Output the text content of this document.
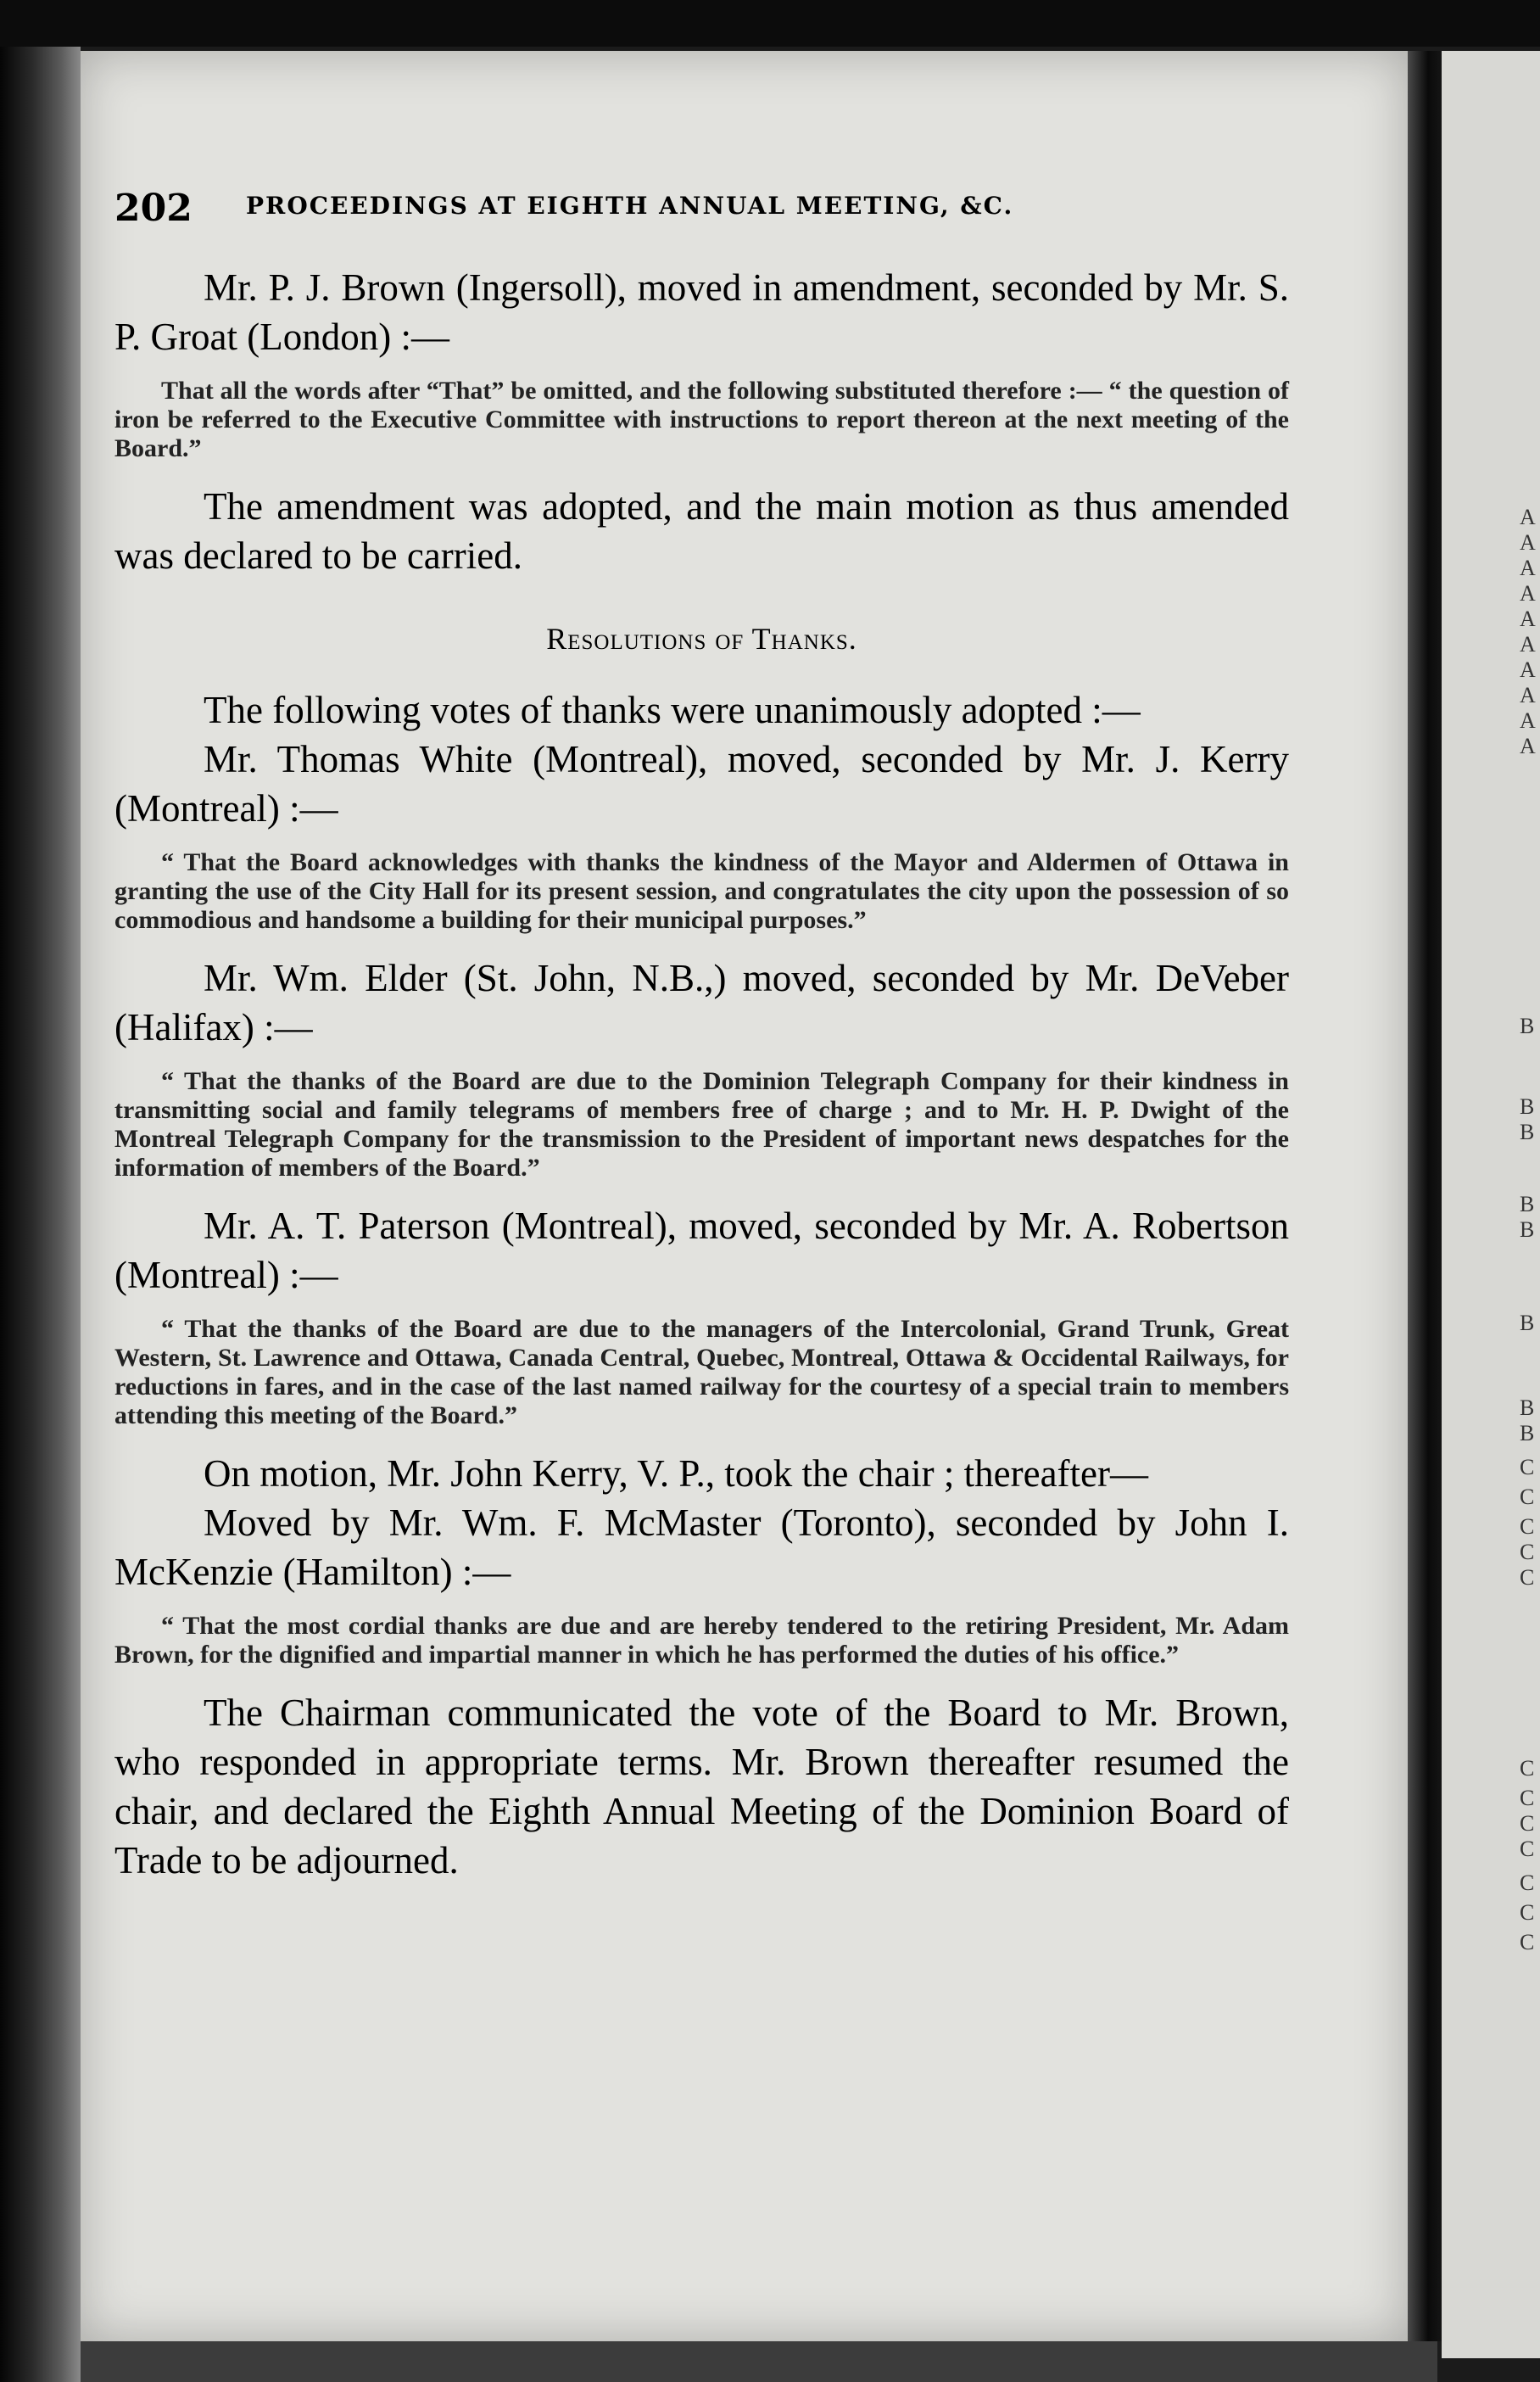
202 PROCEEDINGS AT EIGHTH ANNUAL MEETING, &C.

Mr. P. J. Brown (Ingersoll), moved in amendment, seconded by Mr. S. P. Groat (London) :—

That all the words after “That” be omitted, and the following substituted therefore :— “ the question of iron be referred to the Executive Committee with instructions to report thereon at the next meeting of the Board.”

The amendment was adopted, and the main motion as thus amended was declared to be carried.

Resolutions of Thanks.

The following votes of thanks were unanimously adopted :—

Mr. Thomas White (Montreal), moved, seconded by Mr. J. Kerry (Montreal) :—

“ That the Board acknowledges with thanks the kindness of the Mayor and Aldermen of Ottawa in granting the use of the City Hall for its present session, and congratulates the city upon the possession of so commodious and handsome a building for their municipal purposes.”

Mr. Wm. Elder (St. John, N.B.,) moved, seconded by Mr. DeVeber (Halifax) :—

“ That the thanks of the Board are due to the Dominion Telegraph Company for their kindness in transmitting social and family telegrams of members free of charge ; and to Mr. H. P. Dwight of the Montreal Telegraph Company for the transmission to the President of important news despatches for the information of members of the Board.”

Mr. A. T. Paterson (Montreal), moved, seconded by Mr. A. Robertson (Montreal) :—

“ That the thanks of the Board are due to the managers of the Intercolonial, Grand Trunk, Great Western, St. Lawrence and Ottawa, Canada Central, Quebec, Montreal, Ottawa & Occidental Railways, for reductions in fares, and in the case of the last named railway for the courtesy of a special train to members attending this meeting of the Board.”

On motion, Mr. John Kerry, V. P., took the chair ; thereafter—

Moved by Mr. Wm. F. McMaster (Toronto), seconded by John I. McKenzie (Hamilton) :—

“ That the most cordial thanks are due and are hereby tendered to the retiring President, Mr. Adam Brown, for the dignified and impartial manner in which he has performed the duties of his office.”

The Chairman communicated the vote of the Board to Mr. Brown, who responded in appropriate terms. Mr. Brown thereafter resumed the chair, and declared the Eighth Annual Meeting of the Dominion Board of Trade to be adjourned.

A
A
A
A
A
A
A
A
A
A
B
B
B
B
B
B
B
B
C
C
C
C
C
C
C
C
C
C
C
C
